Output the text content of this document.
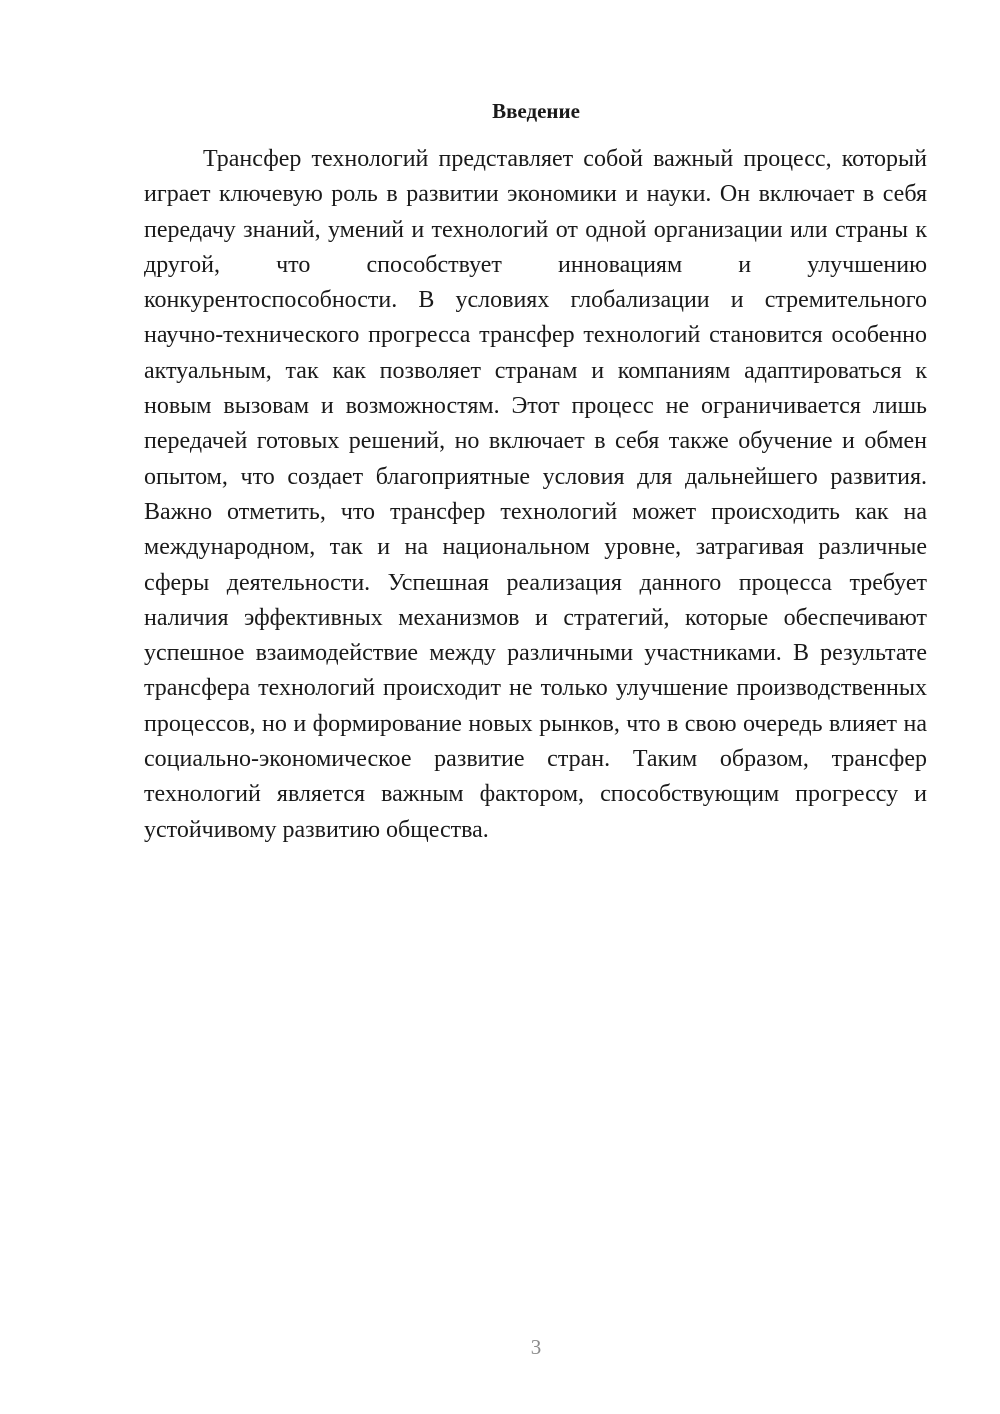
Введение

Трансфер технологий представляет собой важный процесс, который играет ключевую роль в развитии экономики и науки. Он включает в себя передачу знаний, умений и технологий от одной организации или страны к другой, что способствует инновациям и улучшению конкурентоспособности. В условиях глобализации и стремительного научно-технического прогресса трансфер технологий становится особенно актуальным, так как позволяет странам и компаниям адаптироваться к новым вызовам и возможностям. Этот процесс не ограничивается лишь передачей готовых решений, но включает в себя также обучение и обмен опытом, что создает благоприятные условия для дальнейшего развития. Важно отметить, что трансфер технологий может происходить как на международном, так и на национальном уровне, затрагивая различные сферы деятельности. Успешная реализация данного процесса требует наличия эффективных механизмов и стратегий, которые обеспечивают успешное взаимодействие между различными участниками. В результате трансфера технологий происходит не только улучшение производственных процессов, но и формирование новых рынков, что в свою очередь влияет на социально-экономическое развитие стран. Таким образом, трансфер технологий является важным фактором, способствующим прогрессу и устойчивому развитию общества.

3
